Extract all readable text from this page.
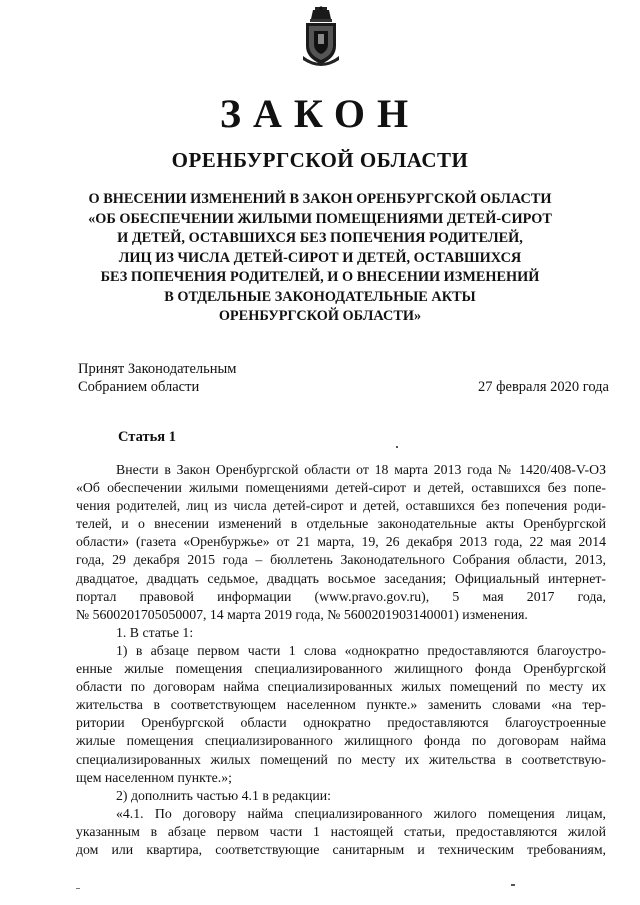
ЗАКОН
ОРЕНБУРГСКОЙ ОБЛАСТИ
О ВНЕСЕНИИ ИЗМЕНЕНИЙ В ЗАКОН ОРЕНБУРГСКОЙ ОБЛАСТИ
«ОБ ОБЕСПЕЧЕНИИ ЖИЛЫМИ ПОМЕЩЕНИЯМИ ДЕТЕЙ-СИРОТ
И ДЕТЕЙ, ОСТАВШИХСЯ БЕЗ ПОПЕЧЕНИЯ РОДИТЕЛЕЙ,
ЛИЦ ИЗ ЧИСЛА ДЕТЕЙ-СИРОТ И ДЕТЕЙ, ОСТАВШИХСЯ
БЕЗ ПОПЕЧЕНИЯ РОДИТЕЛЕЙ, И О ВНЕСЕНИИ ИЗМЕНЕНИЙ
В ОТДЕЛЬНЫЕ ЗАКОНОДАТЕЛЬНЫЕ АКТЫ
ОРЕНБУРГСКОЙ ОБЛАСТИ»
Принят Законодательным
Собранием области	27 февраля 2020 года
Статья 1
Внести в Закон Оренбургской области от 18 марта 2013 года № 1420/408-V-ОЗ
«Об обеспечении жилыми помещениями детей-сирот и детей, оставшихся без попе-
чения родителей, лиц из числа детей-сирот и детей, оставшихся без попечения роди-
телей, и о внесении изменений в отдельные законодательные акты Оренбургской
области» (газета «Оренбуржье» от 21 марта, 19, 26 декабря 2013 года, 22 мая 2014
года, 29 декабря 2015 года – бюллетень Законодательного Собрания области, 2013,
двадцатое, двадцать седьмое, двадцать восьмое заседания; Официальный интернет-
портал правовой информации (www.pravo.gov.ru), 5 мая 2017 года,
№ 5600201705050007, 14 марта 2019 года, № 5600201903140001) изменения.
1. В статье 1:
1) в абзаце первом части 1 слова «однократно предоставляются благоустро-
енные жилые помещения специализированного жилищного фонда Оренбургской
области по договорам найма специализированных жилых помещений по месту их
жительства в соответствующем населенном пункте.» заменить словами «на тер-
ритории Оренбургской области однократно предоставляются благоустроенные
жилые помещения специализированного жилищного фонда по договорам найма
специализированных жилых помещений по месту их жительства в соответствую-
щем населенном пункте.»;
2) дополнить частью 4.1 в редакции:
«4.1. По договору найма специализированного жилого помещения лицам,
указанным в абзаце первом части 1 настоящей статьи, предоставляются жилой
дом или квартира, соответствующие санитарным и техническим требованиям,
